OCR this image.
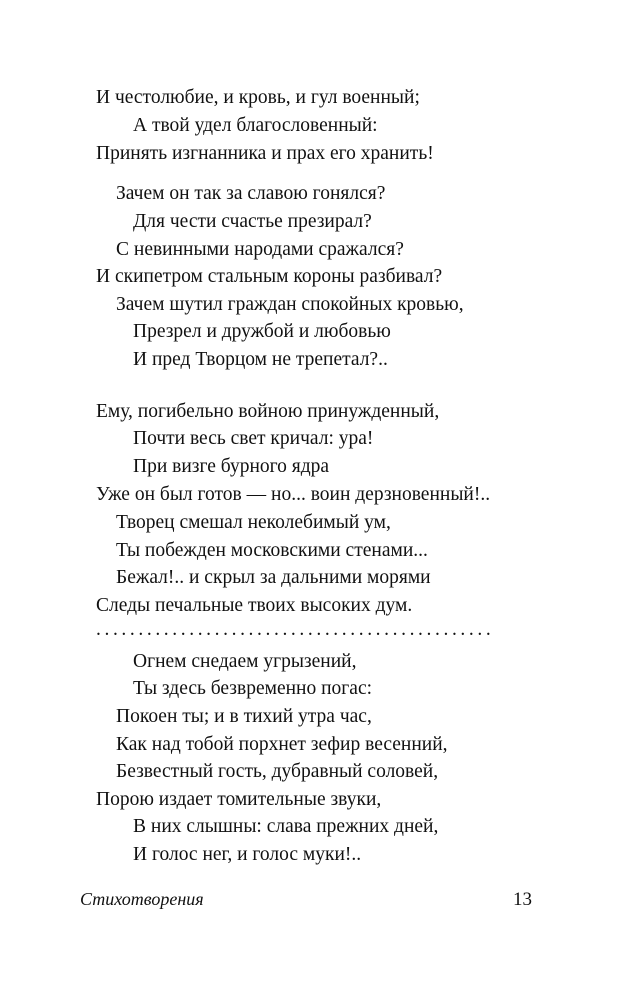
И честолюбие, и кровь, и гул военный;
А твой удел благословенный:
Принять изгнанника и прах его хранить!
Зачем он так за славою гонялся?
Для чести счастье презирал?
С невинными народами сражался?
И скипетром стальным короны разбивал?
Зачем шутил граждан спокойных кровью,
Презрел и дружбой и любовью
И пред Творцом не трепетал?..
Ему, погибельно войною принужденный,
Почти весь свет кричал: ура!
При визге бурного ядра
Уже он был готов — но... воин дерзновенный!..
Творец смешал неколебимый ум,
Ты побежден московскими стенами...
Бежал!.. и скрыл за дальними морями
Следы печальные твоих высоких дум.
...............................................
Огнем снедаем угрызений,
Ты здесь безвременно погас:
Покоен ты; и в тихий утра час,
Как над тобой порхнет зефир весенний,
Безвестный гость, дубравный соловей,
Порою издает томительные звуки,
В них слышны: слава прежних дней,
И голос нег, и голос муки!..
Стихотворения	13
